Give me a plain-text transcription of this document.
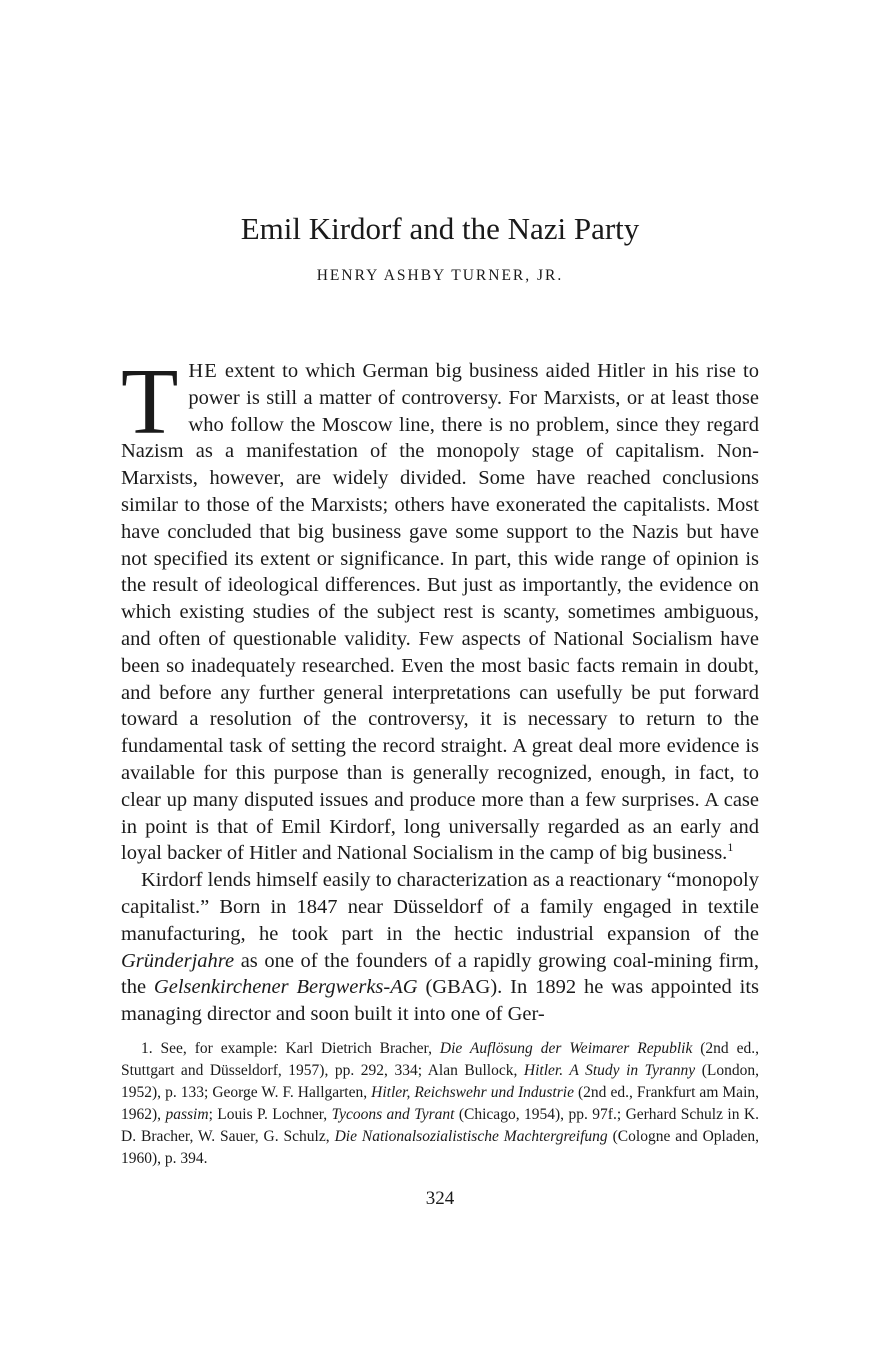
Emil Kirdorf and the Nazi Party
HENRY ASHBY TURNER, JR.

THE extent to which German big business aided Hitler in his rise to power is still a matter of controversy. For Marxists, or at least those who follow the Moscow line, there is no problem, since they regard Nazism as a manifestation of the monopoly stage of capitalism. Non-Marxists, however, are widely divided. Some have reached conclusions similar to those of the Marxists; others have exonerated the capitalists. Most have concluded that big business gave some support to the Nazis but have not specified its extent or significance. In part, this wide range of opinion is the result of ideological differences. But just as importantly, the evidence on which existing studies of the subject rest is scanty, sometimes ambiguous, and often of questionable validity. Few aspects of National Socialism have been so inadequately researched. Even the most basic facts remain in doubt, and before any further general interpretations can usefully be put forward toward a resolution of the controversy, it is necessary to return to the fundamental task of setting the record straight. A great deal more evidence is available for this purpose than is generally recognized, enough, in fact, to clear up many disputed issues and produce more than a few surprises. A case in point is that of Emil Kirdorf, long universally regarded as an early and loyal backer of Hitler and National Socialism in the camp of big business.$^1$

Kirdorf lends himself easily to characterization as a reactionary “monopoly capitalist.” Born in 1847 near Düsseldorf of a family engaged in textile manufacturing, he took part in the hectic industrial expansion of the Gründerjahre as one of the founders of a rapidly growing coal-mining firm, the Gelsenkirchener Bergwerks-AG (GBAG). In 1892 he was appointed its managing director and soon built it into one of Ger-

1. See, for example: Karl Dietrich Bracher, Die Auflösung der Weimarer Republik (2nd ed., Stuttgart and Düsseldorf, 1957), pp. 292, 334; Alan Bullock, Hitler. A Study in Tyranny (London, 1952), p. 133; George W. F. Hallgarten, Hitler, Reichswehr und Industrie (2nd ed., Frankfurt am Main, 1962), passim; Louis P. Lochner, Tycoons and Tyrant (Chicago, 1954), pp. 97f.; Gerhard Schulz in K. D. Bracher, W. Sauer, G. Schulz, Die Nationalsozialistische Machtergreifung (Cologne and Opladen, 1960), p. 394.

324
